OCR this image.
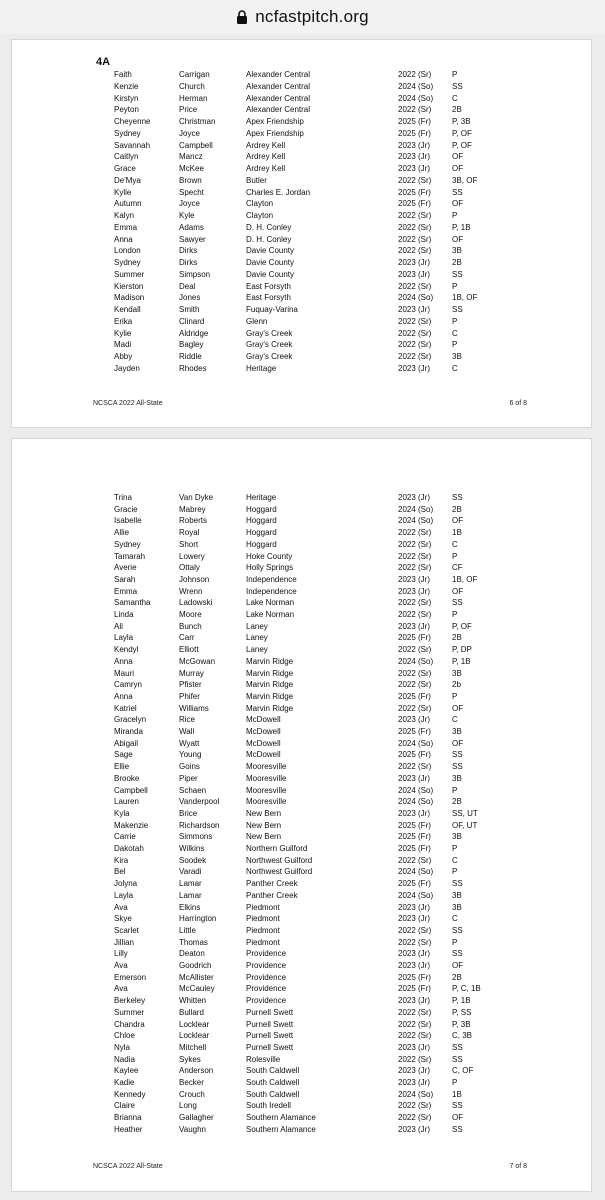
ncfastpitch.org
4A
Faith	Carrigan	Alexander Central	2022 (Sr)	P
Kenzie	Church	Alexander Central	2024 (So) SS
Kirstyn	Herman	Alexander Central	2024 (So) C
Peyton	Price	Alexander Central	2022 (Sr)	2B
Cheyenne	Christman	Apex Friendship	2025 (Fr)	P, 3B
Sydney	Joyce	Apex Friendship	2025 (Fr)	P, OF
Savannah	Campbell	Ardrey Kell	2023 (Jr)	P, OF
Caitlyn	Mancz	Ardrey Kell	2023 (Jr)	OF
Grace	McKee	Ardrey Kell	2023 (Jr)	OF
De'Mya	Brown	Butler	2022 (Sr)	3B, OF
Kylie	Specht	Charles E. Jordan	2025 (Fr)	SS
Autumn	Joyce	Clayton	2025 (Fr)	OF
Kalyn	Kyle	Clayton	2022 (Sr)	P
Emma	Adams	D. H. Conley	2022 (Sr)	P, 1B
Anna	Sawyer	D. H. Conley	2022 (Sr)	OF
London	Dirks	Davie County	2022 (Sr)	3B
Sydney	Dirks	Davie County	2023 (Jr)	2B
Summer	Simpson	Davie County	2023 (Jr)	SS
Kierston	Deal	East Forsyth	2022 (Sr)	P
Madison	Jones	East Forsyth	2024 (So) 1B, OF
Kendall	Smith	Fuquay-Varina	2023 (Jr)	SS
Erika	Clinard	Glenn	2022 (Sr)	P
Kylie	Aldridge	Gray's Creek	2022 (Sr)	C
Madi	Bagley	Gray's Creek	2022 (Sr)	P
Abby	Riddle	Gray's Creek	2022 (Sr)	3B
Jayden	Rhodes	Heritage	2023 (Jr)	C
NCSCA 2022 All-State	6 of 8
Trina	Van Dyke	Heritage	2023 (Jr)	SS
Gracie	Mabrey	Hoggard	2024 (So) 2B
Isabelle	Roberts	Hoggard	2024 (So) OF
Allie	Royal	Hoggard	2022 (Sr)	1B
Sydney	Short	Hoggard	2022 (Sr)	C
Tamarah	Lowery	Hoke County	2022 (Sr)	P
Averie	Ottaly	Holly Springs	2022 (Sr)	CF
Sarah	Johnson	Independence	2023 (Jr)	1B, OF
Emma	Wrenn	Independence	2023 (Jr)	OF
Samantha	Ladowski	Lake Norman	2022 (Sr)	SS
Linda	Moore	Lake Norman	2022 (Sr)	P
Ali	Bunch	Laney	2023 (Jr)	P, OF
Layla	Carr	Laney	2025 (Fr)	2B
Kendyl	Elliott	Laney	2022 (Sr)	P, DP
Anna	McGowan	Marvin Ridge	2024 (So) P, 1B
Mauri	Murray	Marvin Ridge	2022 (Sr)	3B
Camryn	Pfister	Marvin Ridge	2022 (Sr)	2b
Anna	Phifer	Marvin Ridge	2025 (Fr)	P
Katriel	Williams	Marvin Ridge	2022 (Sr)	OF
Gracelyn	Rice	McDowell	2023 (Jr)	C
Miranda	Wall	McDowell	2025 (Fr)	3B
Abigail	Wyatt	McDowell	2024 (So) OF
Sage	Young	McDowell	2025 (Fr)	SS
Ellie	Goins	Mooresville	2022 (Sr)	SS
Brooke	Piper	Mooresville	2023 (Jr)	3B
Campbell	Schaen	Mooresville	2024 (So) P
Lauren	Vanderpool	Mooresville	2024 (So) 2B
Kyla	Brice	New Bern	2023 (Jr)	SS, UT
Makenzie	Richardson	New Bern	2025 (Fr)	OF, UT
Carrie	Simmons	New Bern	2025 (Fr)	3B
Dakotah	Wilkins	Northern Guilford	2025 (Fr)	P
Kira	Soodek	Northwest Guilford	2022 (Sr)	C
Bel	Varadi	Northwest Guilford	2024 (So) P
Jolyna	Lamar	Panther Creek	2025 (Fr)	SS
Layla	Lamar	Panther Creek	2024 (So) 3B
Ava	Elkins	Piedmont	2023 (Jr)	3B
Skye	Harrington	Piedmont	2023 (Jr)	C
Scarlet	Little	Piedmont	2022 (Sr)	SS
Jillian	Thomas	Piedmont	2022 (Sr)	P
Lilly	Deaton	Providence	2023 (Jr)	SS
Ava	Goodrich	Providence	2023 (Jr)	OF
Emerson	McAllister	Providence	2025 (Fr)	2B
Ava	McCauley	Providence	2025 (Fr)	P, C, 1B
Berkeley	Whitten	Providence	2023 (Jr)	P, 1B
Summer	Bullard	Purnell Swett	2022 (Sr)	P, SS
Chandra	Locklear	Purnell Swett	2022 (Sr)	P, 3B
Chloe	Locklear	Purnell Swett	2022 (Sr)	C, 3B
Nyla	Mitchell	Purnell Swett	2023 (Jr)	SS
Nadia	Sykes	Rolesville	2022 (Sr)	SS
Kaylee	Anderson	South Caldwell	2023 (Jr)	C, OF
Kadie	Becker	South Caldwell	2023 (Jr)	P
Kennedy	Crouch	South Caldwell	2024 (So) 1B
Claire	Long	South Iredell	2022 (Sr)	SS
Brianna	Gallagher	Southern Alamance	2022 (Sr)	OF
Heather	Vaughn	Southern Alamance	2023 (Jr)	SS
NCSCA 2022 All-State	7 of 8
